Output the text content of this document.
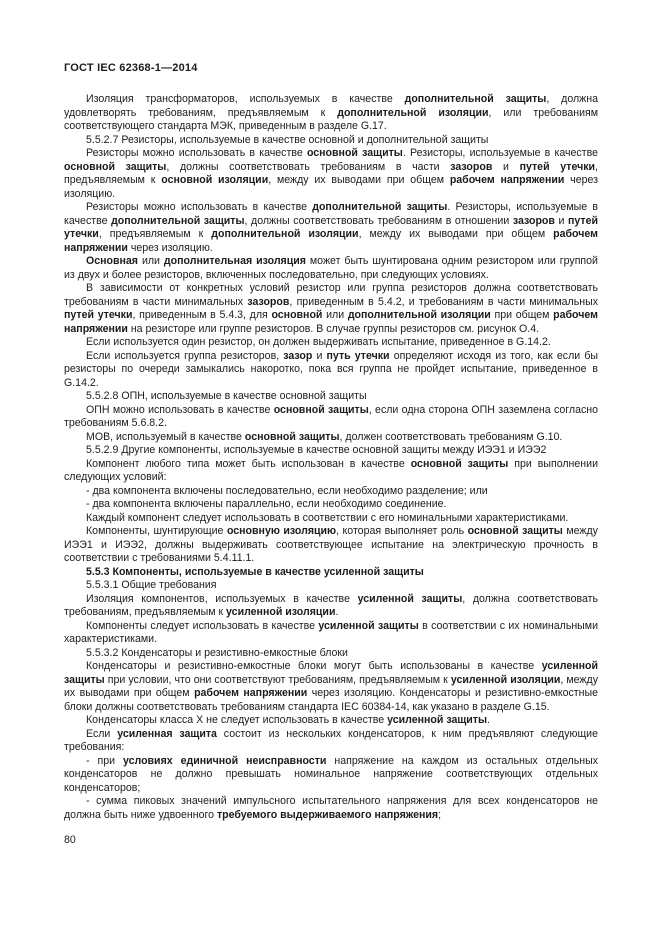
ГОСТ IEC 62368-1—2014

Изоляция трансформаторов, используемых в качестве дополнительной защиты, должна удовлетворять требованиям, предъявляемым к дополнительной изоляции, или требованиям соответствующего стандарта МЭК, приведенным в разделе G.17.

5.5.2.7 Резисторы, используемые в качестве основной и дополнительной защиты

Резисторы можно использовать в качестве основной защиты. Резисторы, используемые в качестве основной защиты, должны соответствовать требованиям в части зазоров и путей утечки, предъявляемым к основной изоляции, между их выводами при общем рабочем напряжении через изоляцию.

Резисторы можно использовать в качестве дополнительной защиты. Резисторы, используемые в качестве дополнительной защиты, должны соответствовать требованиям в отношении зазоров и путей утечки, предъявляемым к дополнительной изоляции, между их выводами при общем рабочем напряжении через изоляцию.

Основная или дополнительная изоляция может быть шунтирована одним резистором или группой из двух и более резисторов, включенных последовательно, при следующих условиях.

В зависимости от конкретных условий резистор или группа резисторов должна соответствовать требованиям в части минимальных зазоров, приведенным в 5.4.2, и требованиям в части минимальных путей утечки, приведенным в 5.4.3, для основной или дополнительной изоляции при общем рабочем напряжении на резисторе или группе резисторов. В случае группы резисторов см. рисунок О.4.

Если используется один резистор, он должен выдерживать испытание, приведенное в G.14.2.

Если используется группа резисторов, зазор и путь утечки определяют исходя из того, как если бы резисторы по очереди замыкались накоротко, пока вся группа не пройдет испытание, приведенное в G.14.2.

5.5.2.8 ОПН, используемые в качестве основной защиты

ОПН можно использовать в качестве основной защиты, если одна сторона ОПН заземлена согласно требованиям 5.6.8.2.

МОВ, используемый в качестве основной защиты, должен соответствовать требованиям G.10.

5.5.2.9 Другие компоненты, используемые в качестве основной защиты между ИЭЭ1 и ИЭЭ2

Компонент любого типа может быть использован в качестве основной защиты при выполнении следующих условий:

- два компонента включены последовательно, если необходимо разделение; или

- два компонента включены параллельно, если необходимо соединение.

Каждый компонент следует использовать в соответствии с его номинальными характеристиками.

Компоненты, шунтирующие основную изоляцию, которая выполняет роль основной защиты между ИЭЭ1 и ИЭЭ2, должны выдерживать соответствующее испытание на электрическую прочность в соответствии с требованиями 5.4.11.1.

5.5.3 Компоненты, используемые в качестве усиленной защиты

5.5.3.1 Общие требования

Изоляция компонентов, используемых в качестве усиленной защиты, должна соответствовать требованиям, предъявляемым к усиленной изоляции.

Компоненты следует использовать в качестве усиленной защиты в соответствии с их номинальными характеристиками.

5.5.3.2 Конденсаторы и резистивно-емкостные блоки

Конденсаторы и резистивно-емкостные блоки могут быть использованы в качестве усиленной защиты при условии, что они соответствуют требованиям, предъявляемым к усиленной изоляции, между их выводами при общем рабочем напряжении через изоляцию. Конденсаторы и резистивно-емкостные блоки должны соответствовать требованиям стандарта IEC 60384-14, как указано в разделе G.15.

Конденсаторы класса X не следует использовать в качестве усиленной защиты.

Если усиленная защита состоит из нескольких конденсаторов, к ним предъявляют следующие требования:

- при условиях единичной неисправности напряжение на каждом из остальных отдельных конденсаторов не должно превышать номинальное напряжение соответствующих отдельных конденсаторов;

- сумма пиковых значений импульсного испытательного напряжения для всех конденсаторов не должна быть ниже удвоенного требуемого выдерживаемого напряжения;

80
